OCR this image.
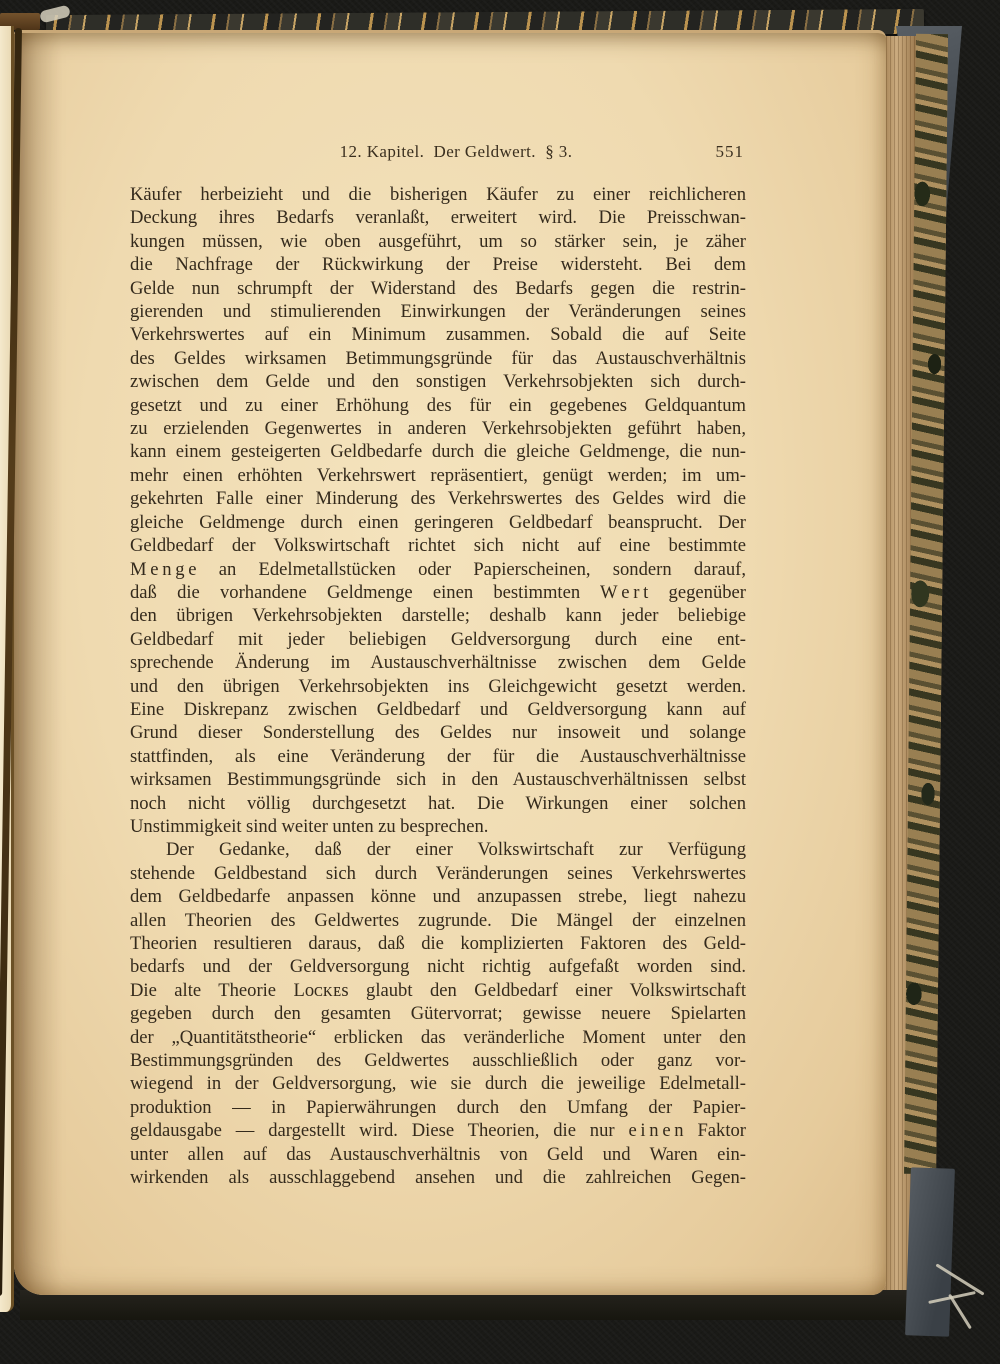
12. Kapitel.  Der Geldwert.  § 3.	551
Käufer herbeizieht und die bisherigen Käufer zu einer reichlicheren
Deckung ihres Bedarfs veranlaßt, erweitert wird. Die Preisschwan-
kungen müssen, wie oben ausgeführt, um so stärker sein, je zäher
die Nachfrage der Rückwirkung der Preise widersteht. Bei dem
Gelde nun schrumpft der Widerstand des Bedarfs gegen die restrin-
gierenden und stimulierenden Einwirkungen der Veränderungen seines
Verkehrswertes auf ein Minimum zusammen. Sobald die auf Seite
des Geldes wirksamen Betimmungsgründe für das Austauschverhältnis
zwischen dem Gelde und den sonstigen Verkehrsobjekten sich durch-
gesetzt und zu einer Erhöhung des für ein gegebenes Geldquantum
zu erzielenden Gegenwertes in anderen Verkehrsobjekten geführt haben,
kann einem gesteigerten Geldbedarfe durch die gleiche Geldmenge, die nun-
mehr einen erhöhten Verkehrswert repräsentiert, genügt werden; im um-
gekehrten Falle einer Minderung des Verkehrswertes des Geldes wird die
gleiche Geldmenge durch einen geringeren Geldbedarf beansprucht. Der
Geldbedarf der Volkswirtschaft richtet sich nicht auf eine bestimmte
M e n g e an Edelmetallstücken oder Papierscheinen, sondern darauf,
daß die vorhandene Geldmenge einen bestimmten W e r t gegenüber
den übrigen Verkehrsobjekten darstelle; deshalb kann jeder beliebige
Geldbedarf mit jeder beliebigen Geldversorgung durch eine ent-
sprechende Änderung im Austauschverhältnisse zwischen dem Gelde
und den übrigen Verkehrsobjekten ins Gleichgewicht gesetzt werden.
Eine Diskrepanz zwischen Geldbedarf und Geldversorgung kann auf
Grund dieser Sonderstellung des Geldes nur insoweit und solange
stattfinden, als eine Veränderung der für die Austauschverhältnisse
wirksamen Bestimmungsgründe sich in den Austauschverhältnissen selbst
noch nicht völlig durchgesetzt hat. Die Wirkungen einer solchen
Unstimmigkeit sind weiter unten zu besprechen.
Der Gedanke, daß der einer Volkswirtschaft zur Verfügung
stehende Geldbestand sich durch Veränderungen seines Verkehrswertes
dem Geldbedarfe anpassen könne und anzupassen strebe, liegt nahezu
allen Theorien des Geldwertes zugrunde. Die Mängel der einzelnen
Theorien resultieren daraus, daß die komplizierten Faktoren des Geld-
bedarfs und der Geldversorgung nicht richtig aufgefaßt worden sind.
Die alte Theorie Lᴏᴄᴋᴇs glaubt den Geldbedarf einer Volkswirtschaft
gegeben durch den gesamten Gütervorrat; gewisse neuere Spielarten
der „Quantitätstheorie“ erblicken das veränderliche Moment unter den
Bestimmungsgründen des Geldwertes ausschließlich oder ganz vor-
wiegend in der Geldversorgung, wie sie durch die jeweilige Edelmetall-
produktion — in Papierwährungen durch den Umfang der Papier-
geldausgabe — dargestellt wird. Diese Theorien, die nur e i n e n Faktor
unter allen auf das Austauschverhältnis von Geld und Waren ein-
wirkenden als ausschlaggebend ansehen und die zahlreichen Gegen-
